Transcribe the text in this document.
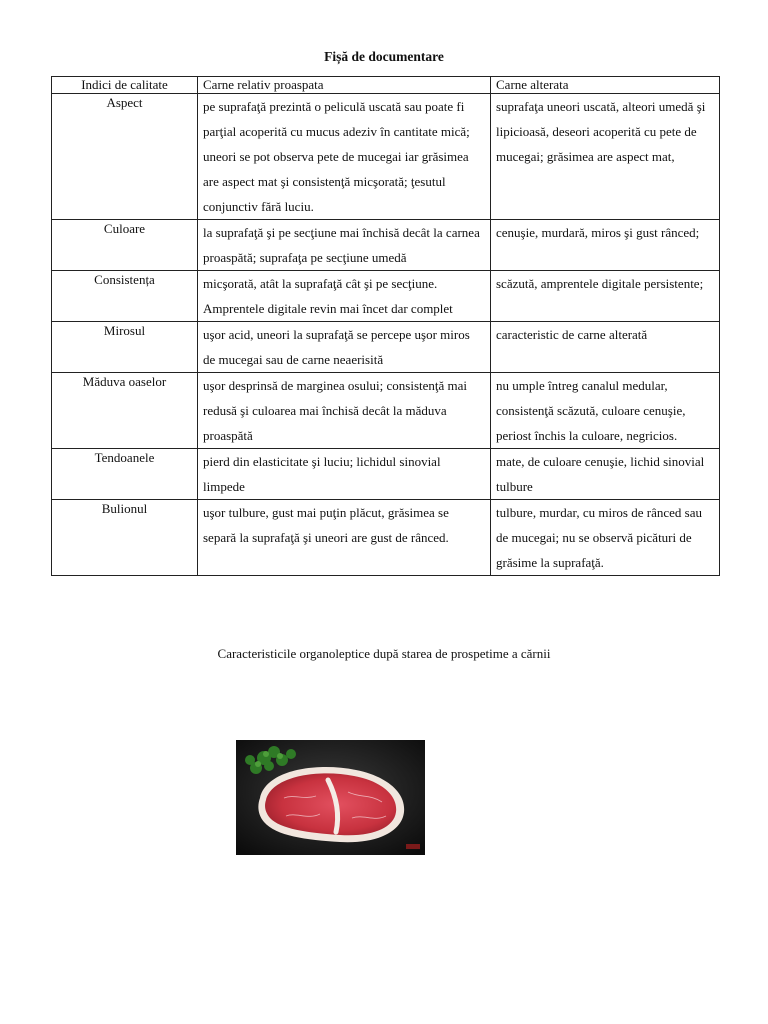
Fișă de documentare
Indici de calitate	Carne relativ proaspata	Carne alterata
Aspect	pe suprafaţă prezintă o peliculă uscată sau poate fi parţial acoperită cu mucus adeziv în cantitate mică; uneori se pot observa pete de mucegai iar grăsimea are aspect mat şi consistenţă micşorată; ţesutul conjunctiv fără luciu.	suprafaţa uneori uscată, alteori umedă şi lipicioasă, deseori acoperită cu pete de mucegai; grăsimea are aspect mat,
Culoare	la suprafaţă şi pe secţiune mai închisă decât la carnea proaspătă; suprafaţa pe secţiune umedă	cenuşie, murdară, miros şi gust rânced;
Consistența	micşorată, atât la suprafaţă cât şi pe secţiune. Amprentele digitale revin mai încet dar complet	scăzută, amprentele digitale persistente;
Mirosul	uşor acid, uneori la suprafaţă se percepe uşor miros de mucegai sau de carne neaerisită	caracteristic de carne alterată
Măduva oaselor	uşor desprinsă de marginea osului; consistenţă mai redusă şi culoarea mai închisă decât la măduva proaspătă	nu umple întreg canalul medular, consistenţă scăzută, culoare cenuşie, periost închis la culoare, negricios.
Tendoanele	pierd din elasticitate şi luciu; lichidul sinovial limpede	mate, de culoare cenuşie, lichid sinovial tulbure
Bulionul	uşor tulbure, gust mai puţin plăcut, grăsimea se separă la suprafaţă şi uneori are gust de rânced.	tulbure, murdar, cu miros de rânced sau de mucegai; nu se observă picături de grăsime la suprafaţă.
Caracteristicile organoleptice după starea de prospetime a cărnii
